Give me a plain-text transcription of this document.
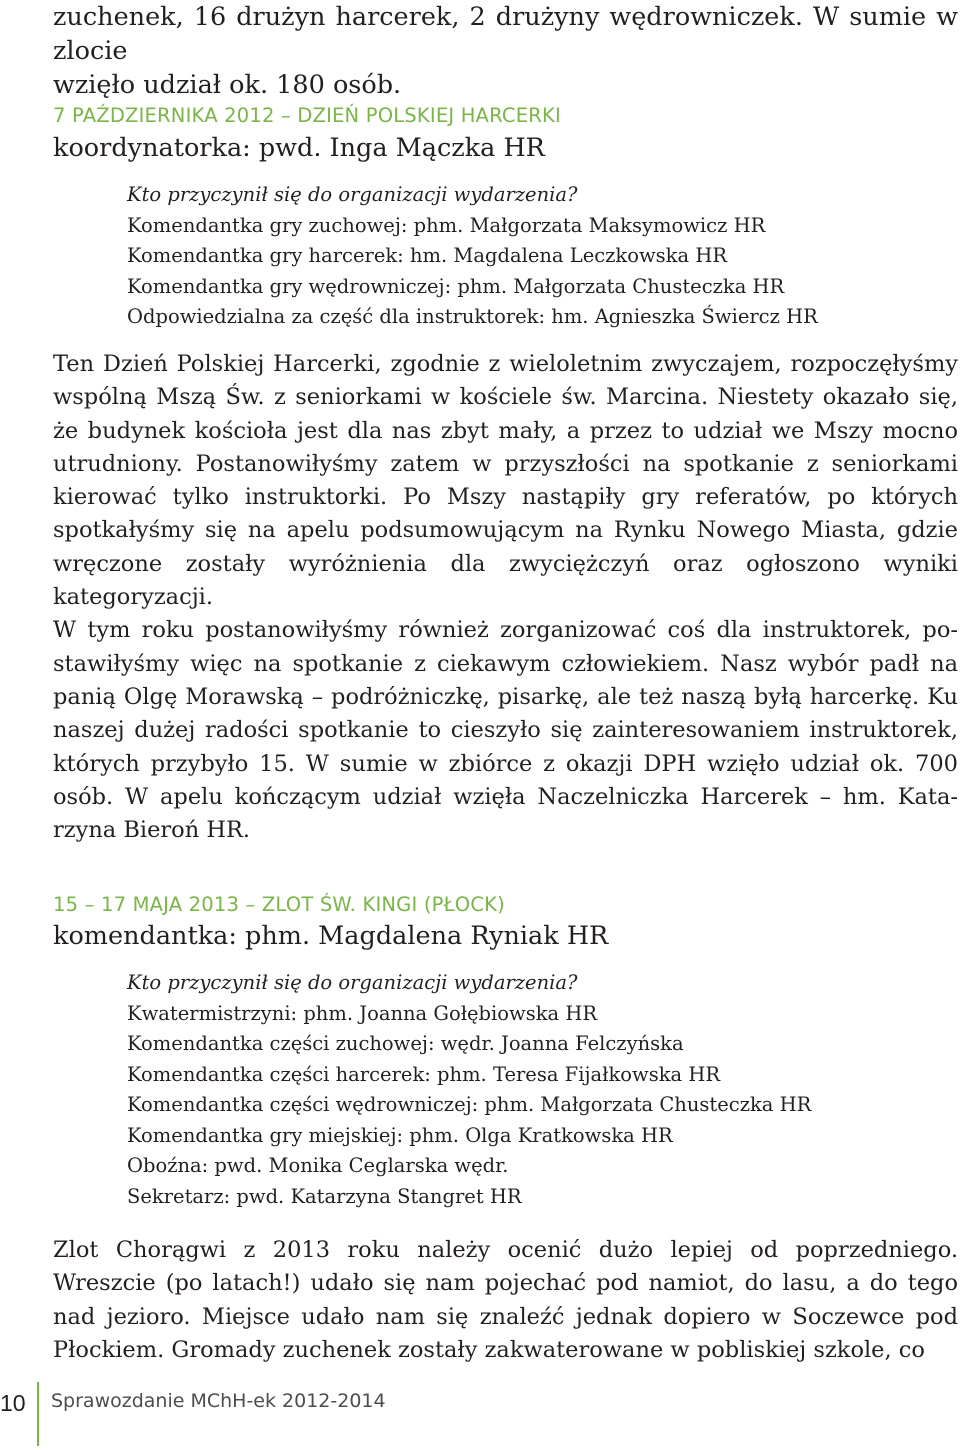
zuchenek, 16 drużyn harcerek, 2 drużyny wędrowniczek. W sumie w zlocie

wzięło udział ok. 180 osób.

7 PAŹDZIERNIKA 2012 – DZIEŃ POLSKIEJ HARCERKI
koordynatorka: pwd. Inga Mączka HR
Kto przyczynił się do organizacji wydarzenia?
Komendantka gry zuchowej: phm. Małgorzata Maksymowicz HR
Komendantka gry harcerek: hm. Magdalena Leczkowska HR
Komendantka gry wędrowniczej: phm. Małgorzata Chusteczka HR
Odpowiedzialna za część dla instruktorek: hm. Agnieszka Świercz HR

Ten Dzień Polskiej Harcerki, zgodnie z wieloletnim zwyczajem, rozpoczęłyśmy wspólną Mszą Św. z seniorkami w kościele św. Marcina. Niestety okazało się, że budynek kościoła jest dla nas zbyt mały, a przez to udział we Mszy mocno utrudniony. Postanowiłyśmy zatem w przyszłości na spotkanie z seniorkami kierować tylko instruktorki. Po Mszy nastąpiły gry referatów, po których spotkałyśmy się na apelu podsumowującym na Rynku Nowego Miasta, gdzie wręczone zostały wyróżnienia dla zwyciężczyń oraz ogłoszono wyniki kategoryzacji.

W tym roku postanowiłyśmy również zorganizować coś dla instruktorek, postawiłyśmy więc na spotkanie z ciekawym człowiekiem. Nasz wybór padł na panią Olgę Morawską – podróżniczkę, pisarkę, ale też naszą byłą harcerkę. Ku naszej dużej radości spotkanie to cieszyło się zainteresowaniem instruktorek, których przybyło 15. W sumie w zbiórce z okazji DPH wzięło udział ok. 700 osób. W apelu kończącym udział wzięła Naczelniczka Harcerek – hm. Katarzyna Bieroń HR.

15 – 17 MAJA 2013 – ZLOT ŚW. KINGI (PŁOCK)
komendantka: phm. Magdalena Ryniak HR
Kto przyczynił się do organizacji wydarzenia?
Kwatermistrzyni: phm. Joanna Gołębiowska HR
Komendantka części zuchowej: wędr. Joanna Felczyńska
Komendantka części harcerek: phm. Teresa Fijałkowska HR
Komendantka części wędrowniczej: phm. Małgorzata Chusteczka HR
Komendantka gry miejskiej: phm. Olga Kratkowska HR
Oboźna: pwd. Monika Ceglarska wędr.
Sekretarz: pwd. Katarzyna Stangret HR

Zlot Chorągwi z 2013 roku należy ocenić dużo lepiej od poprzedniego. Wreszcie (po latach!) udało się nam pojechać pod namiot, do lasu, a do tego nad jezioro. Miejsce udało nam się znaleźć jednak dopiero w Soczewce pod Płockiem. Gromady zuchenek zostały zakwaterowane w pobliskiej szkole, co

10 Sprawozdanie MChH-ek 2012-2014
